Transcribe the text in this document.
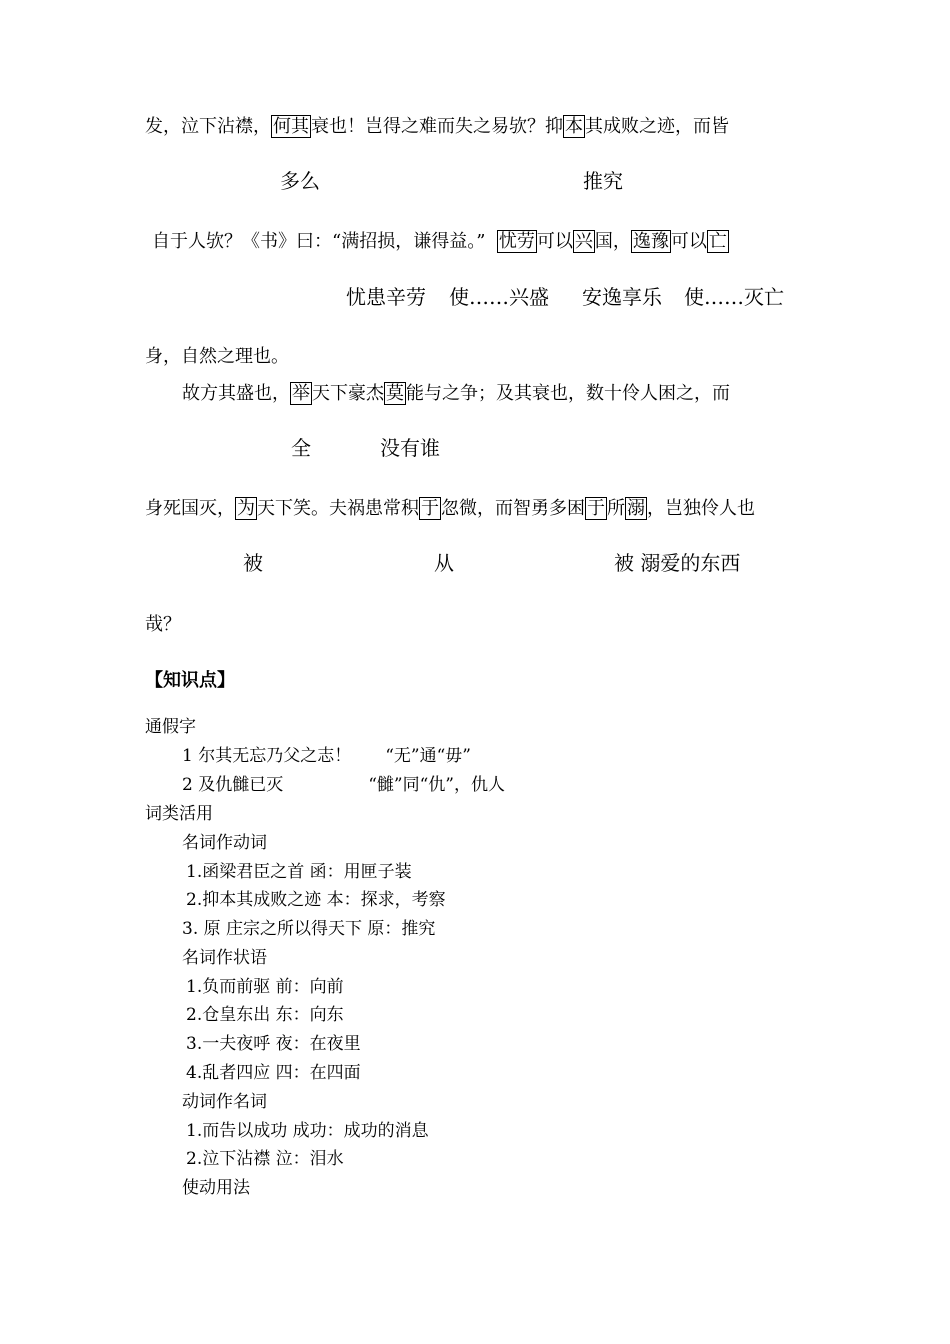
发，泣下沾襟， 何其 衰也！岂得之难而失之易欤？抑 本 其成败之迹，而皆
多么	推究
自于人欤？《书》曰：“满招损，谦得益。” 忧劳 可以 兴 国， 逸豫 可以 亡
忧患辛劳 使……兴盛 安逸享乐 使……灭亡
身，自然之理也。
故方其盛也， 举 天下豪杰 莫 能与之争；及其衰也，数十伶人困之，而
全	没有谁
身死国灭， 为 天下笑。夫祸患常积 于 忽微，而智勇多困 于 所 溺 ，岂独伶人也
被	从	被 溺爱的东西
哉？
【知识点】
通假字
1 尔其无忘乃父之志！　　“无”通“毋”
2 及仇雠已灭　　　　　“雠”同“仇”，仇人
词类活用
名词作动词
1.函梁君臣之首 函：用匣子装
2.抑本其成败之迹 本：探求，考察
3. 原 庄宗之所以得天下 原：推究
名词作状语
1.负而前驱 前：向前
2.仓皇东出 东：向东
3.一夫夜呼 夜：在夜里
4.乱者四应 四：在四面
动词作名词
1.而告以成功 成功：成功的消息
2.泣下沾襟 泣：泪水
使动用法
